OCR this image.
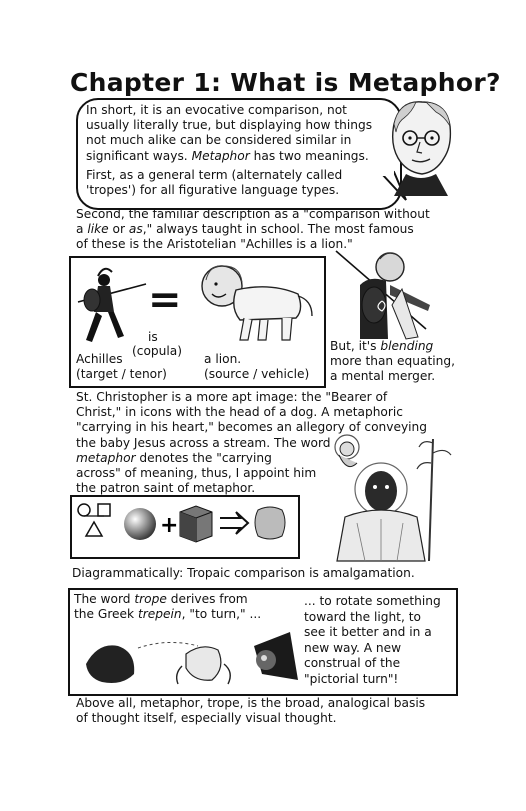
Chapter 1: What is Metaphor?
In short, it is an evocative comparison, not
usually literally true, but displaying how things
not much alike can be considered similar in
significant ways. Metaphor has two meanings.
First, as a general term (alternately called
'tropes') for all figurative language types.
Second, the familiar description as a "comparison without
a like or as," always taught in school. The most famous
of these is the Aristotelian "Achilles is a lion."
=
is
(copula)
Achilles
(target / tenor)
a lion.
(source / vehicle)
But, it's blending
more than equating,
a mental merger.
St. Christopher is a more apt image: the "Bearer of
Christ," in icons with the head of a dog. A metaphoric
"carrying in his heart," becomes an allegory of conveying
the baby Jesus across a stream. The word
metaphor denotes the "carrying
across" of meaning, thus, I appoint him
the patron saint of metaphor.
+
Diagrammatically: Tropaic comparison is amalgamation.
The word trope derives from
the Greek trepein, "to turn," ...
... to rotate something
toward the light, to
see it better and in a
new way. A new
construal of the
"pictorial turn"!
Above all, metaphor, trope, is the broad, analogical basis
of thought itself, especially visual thought.
